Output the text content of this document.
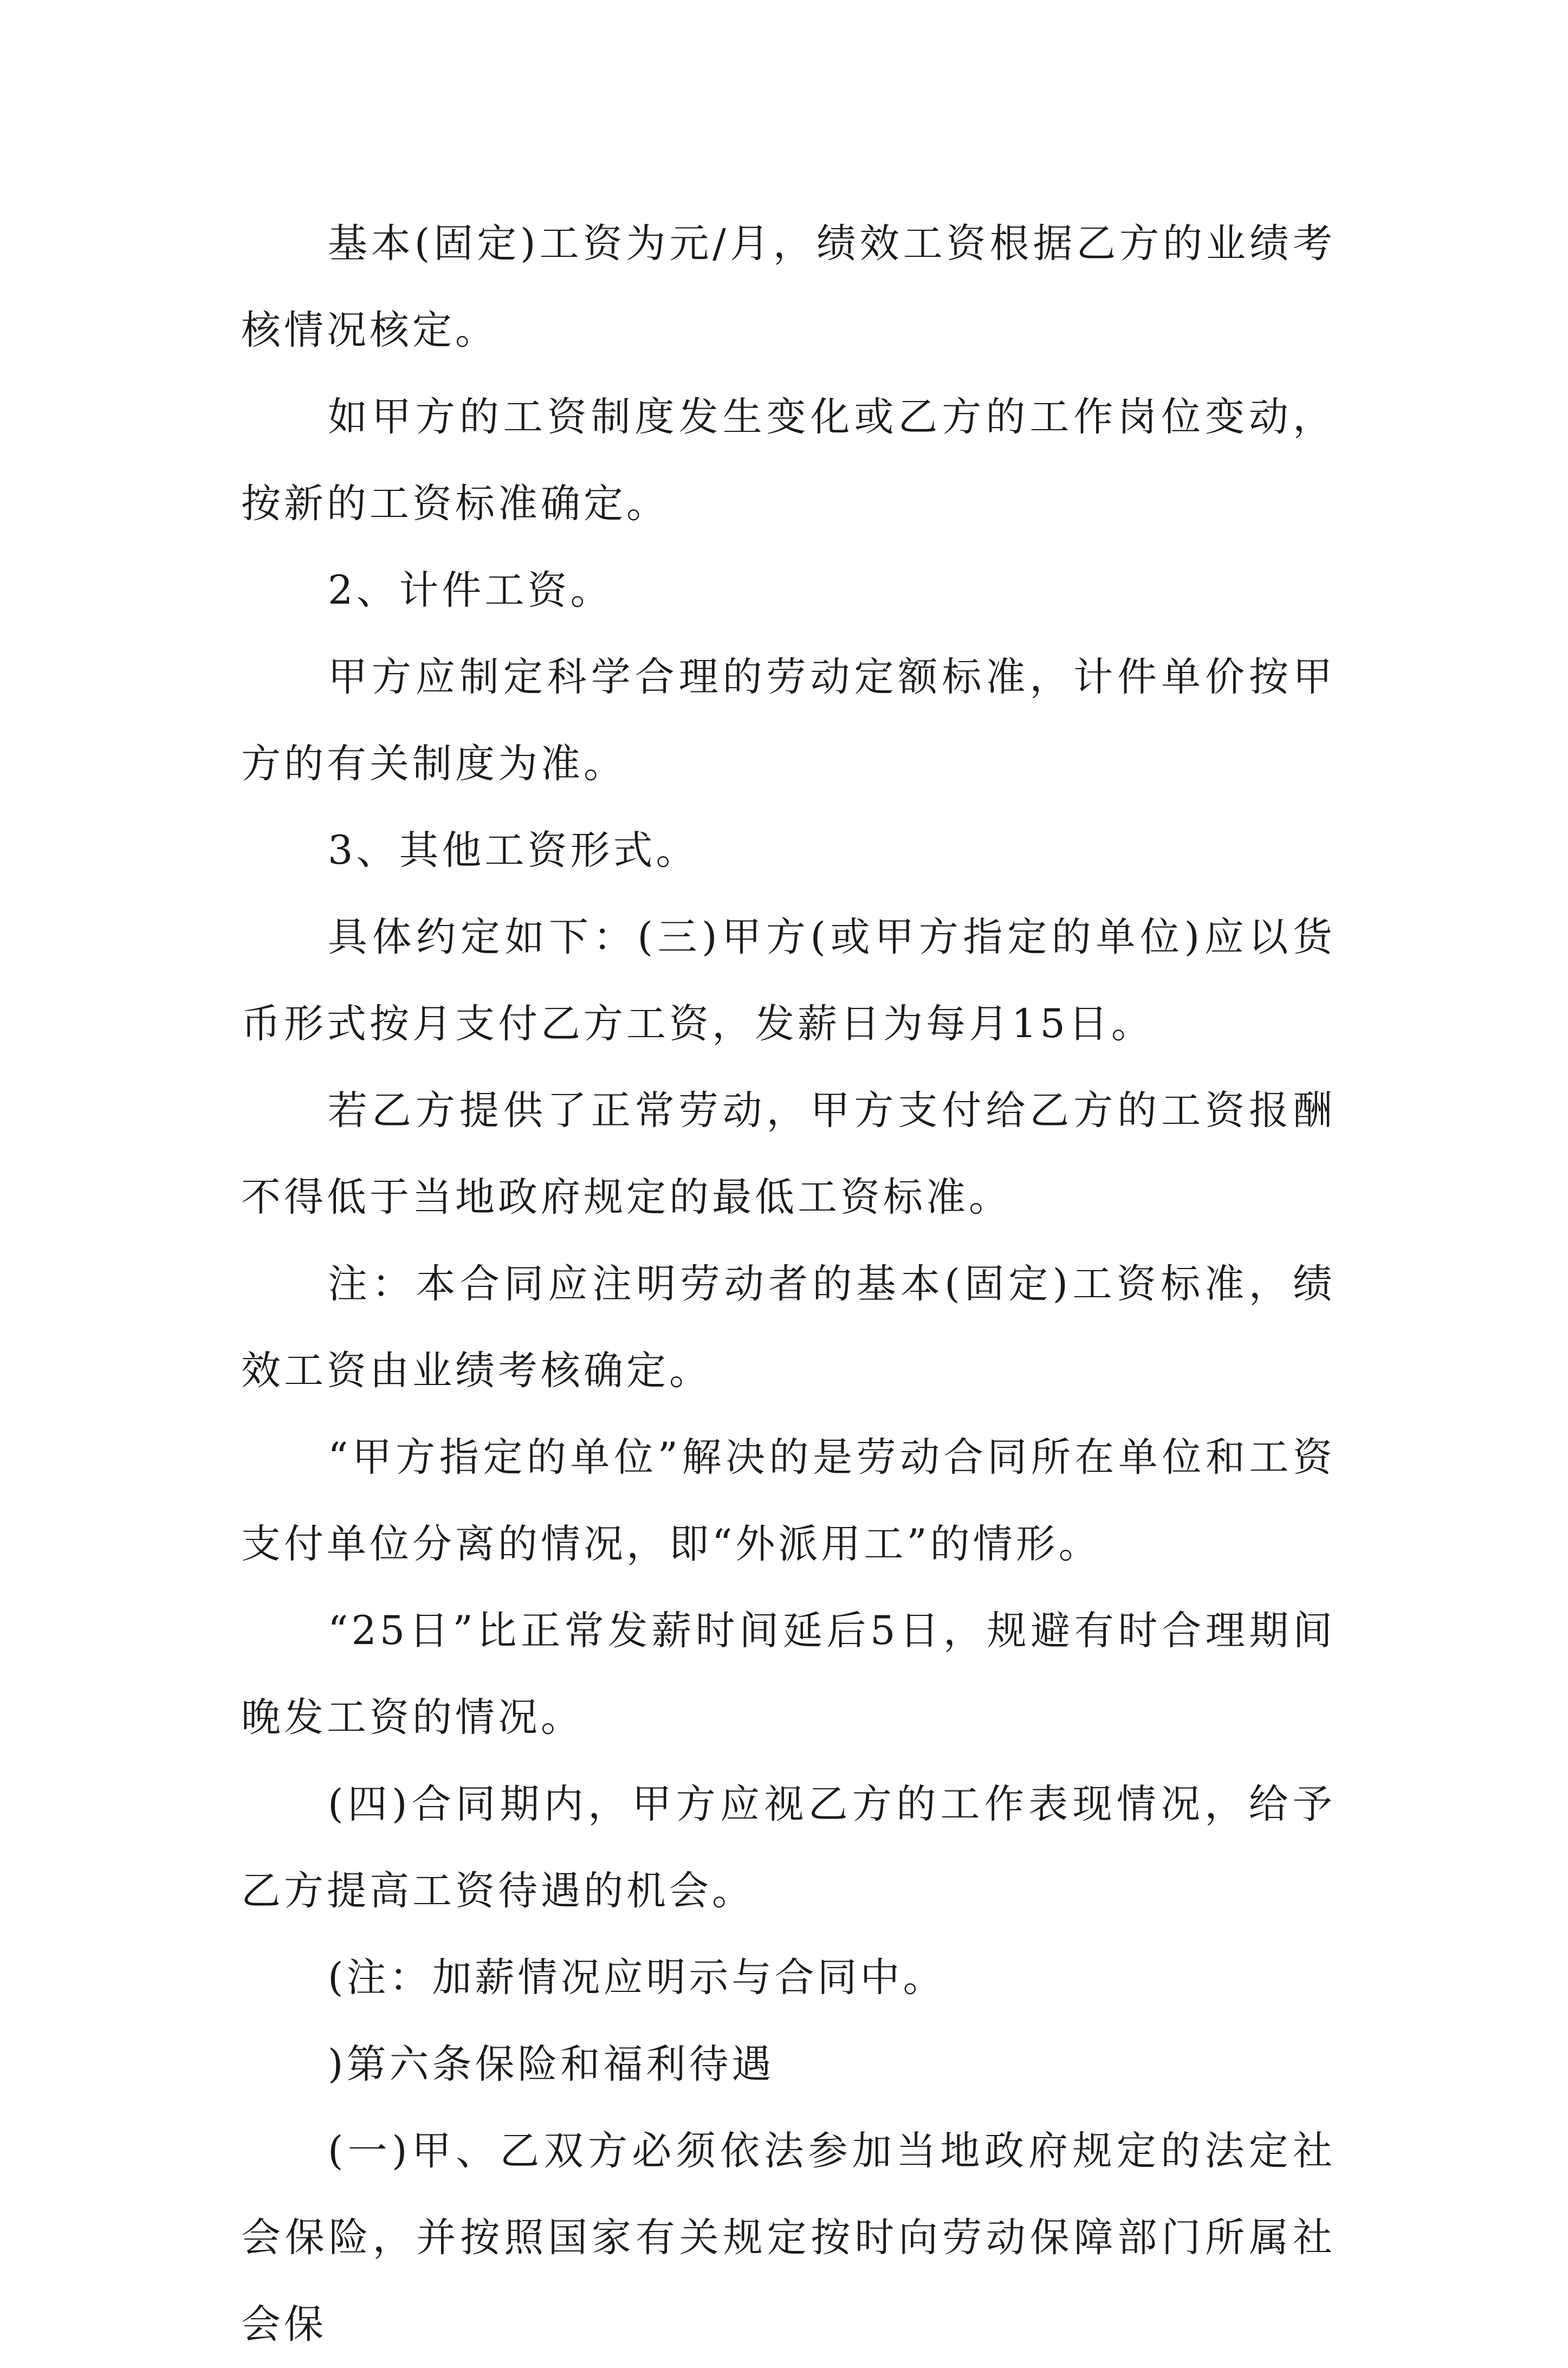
基本(固定)工资为元/月，绩效工资根据乙方的业绩考核情况核定。

如甲方的工资制度发生变化或乙方的工作岗位变动，按新的工资标准确定。

2、计件工资。

甲方应制定科学合理的劳动定额标准，计件单价按甲方的有关制度为准。

3、其他工资形式。

具体约定如下：(三)甲方(或甲方指定的单位)应以货币形式按月支付乙方工资，发薪日为每月15日。

若乙方提供了正常劳动，甲方支付给乙方的工资报酬不得低于当地政府规定的最低工资标准。

注：本合同应注明劳动者的基本(固定)工资标准，绩效工资由业绩考核确定。

“甲方指定的单位”解决的是劳动合同所在单位和工资支付单位分离的情况，即“外派用工”的情形。

“25日”比正常发薪时间延后5日，规避有时合理期间晚发工资的情况。

(四)合同期内，甲方应视乙方的工作表现情况，给予乙方提高工资待遇的机会。

(注：加薪情况应明示与合同中。

)第六条保险和福利待遇

(一)甲、乙双方必须依法参加当地政府规定的法定社会保险，并按照国家有关规定按时向劳动保障部门所属社会保
